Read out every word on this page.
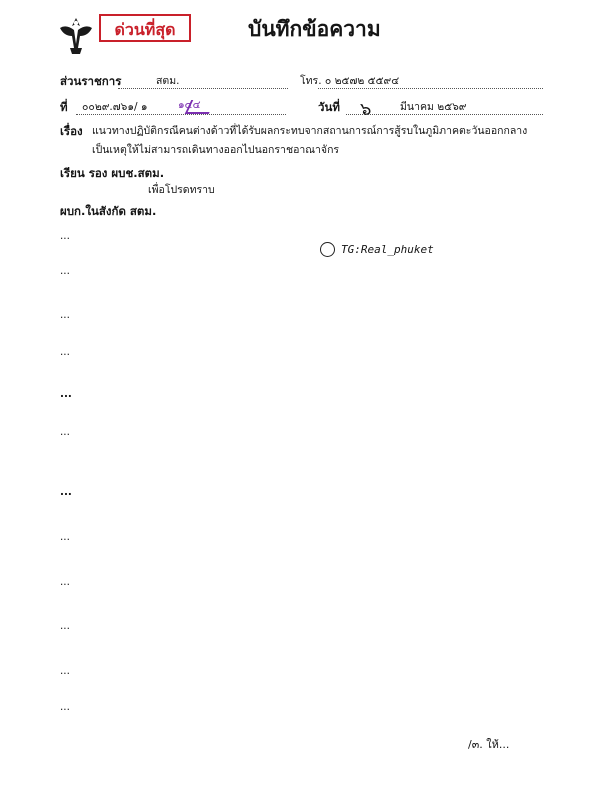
ด่วนที่สุด	บันทึกข้อความ
ส่วนราชการ	สตม.	โทร. ๐ ๒๕๗๒ ๕๕๙๔
ที่ ๐๐๒๙.๗๖๑/ ๑	๑๔๔	วันที่ ๖	มีนาคม ๒๕๖๙
เรื่อง แนวทางปฏิบัติกรณีคนต่างด้าวที่ได้รับผลกระทบจากสถานการณ์การสู้รบในภูมิภาคตะวันออกกลาง
เป็นเหตุให้ไม่สามารถเดินทางออกไปนอกราชอาณาจักร
เรียน รอง ผบช.สตม.
เพื่อโปรดทราบ
ผบก.ในสังกัด สตม.
...
...
...
...
...
...
...
...
...
...
...
...
TG:Real_phuket
/๓. ให้...
